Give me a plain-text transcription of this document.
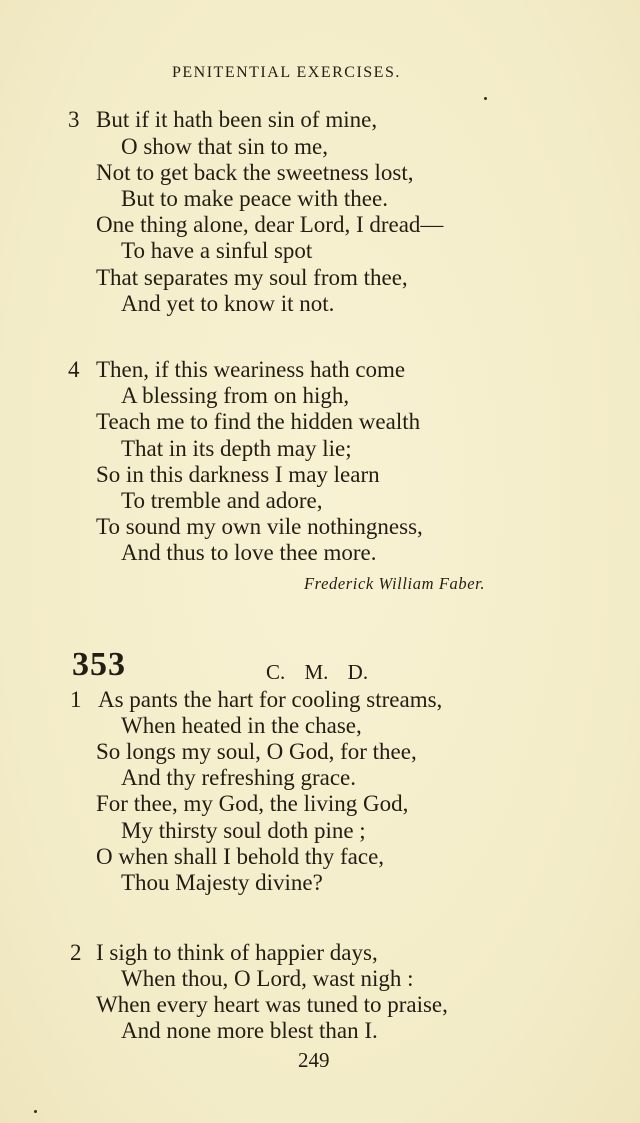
PENITENTIAL EXERCISES.
3 But if it hath been sin of mine,
O show that sin to me,
Not to get back the sweetness lost,
But to make peace with thee.
One thing alone, dear Lord, I dread—
To have a sinful spot
That separates my soul from thee,
And yet to know it not.
4 Then, if this weariness hath come
A blessing from on high,
Teach me to find the hidden wealth
That in its depth may lie;
So in this darkness I may learn
To tremble and adore,
To sound my own vile nothingness,
And thus to love thee more.
Frederick William Faber.
353	C. M. D.
1 As pants the hart for cooling streams,
When heated in the chase,
So longs my soul, O God, for thee,
And thy refreshing grace.
For thee, my God, the living God,
My thirsty soul doth pine ;
O when shall I behold thy face,
Thou Majesty divine?
2 I sigh to think of happier days,
When thou, O Lord, wast nigh :
When every heart was tuned to praise,
And none more blest than I.
249
